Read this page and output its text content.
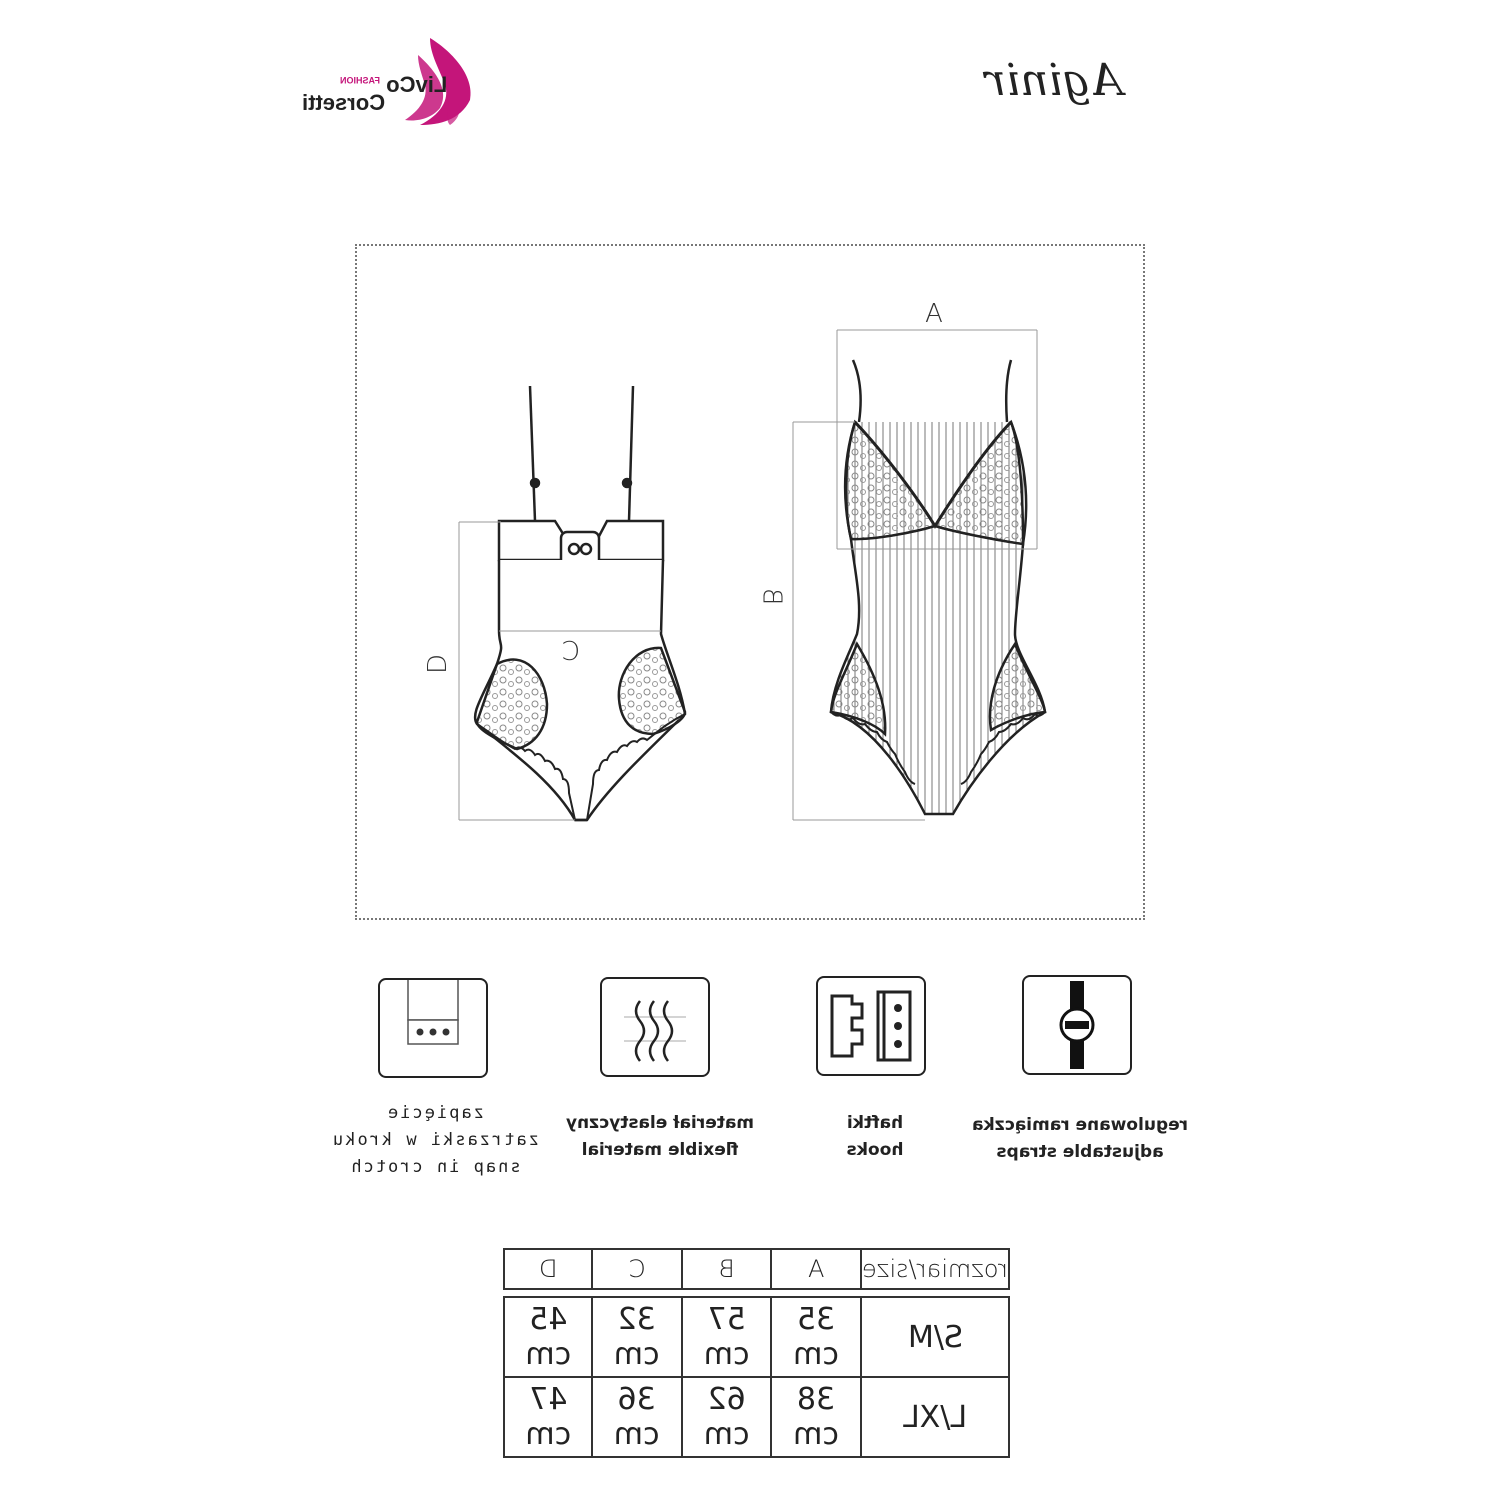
LivCo $^{FASHION}$
Corsetti	Aginir
A
B
C
D
zapięcie
zatrzaski w kroku
snap in crotch
materiał elastyczny
flexible material
haftki
hooks
regulowane ramiączka
adjustable straps
D	C	B	A	rozmiar/size

45 cm	32 cm	57 cm	35 cm	S/M
47 cm	36 cm	62 cm	38 cm	L/XL
